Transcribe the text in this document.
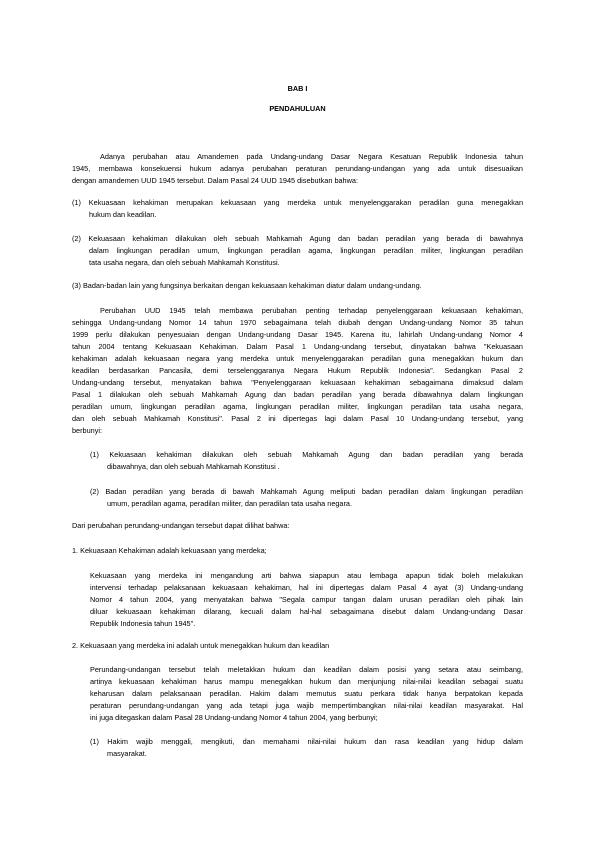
BAB I
PENDAHULUAN
Adanya perubahan atau Amandemen pada Undang-undang Dasar Negara Kesatuan Republik Indonesia tahun
1945, membawa konsekuensi hukum adanya perubahan peraturan perundang-undangan yang ada untuk disesuaikan
dengan amandemen UUD 1945 tersebut. Dalam Pasal 24 UUD 1945 disebutkan bahwa:
(1) Kekuasaan kehakiman merupakan kekuasaan yang merdeka untuk menyelenggarakan peradilan guna menegakkan
hukum dan keadilan.
(2) Kekuasaan kehakiman dilakukan oleh sebuah Mahkamah Agung dan badan peradilan yang berada di bawahnya
dalam lingkungan peradilan umum, lingkungan peradilan agama, lingkungan peradilan militer, lingkungan peradilan
tata usaha negara, dan oleh sebuah Mahkamah Konstitusi.
(3) Badan-badan lain yang fungsinya berkaitan dengan kekuasaan kehakiman diatur dalam undang-undang.
Perubahan UUD 1945 telah membawa perubahan penting terhadap penyelenggaraan kekuasaan kehakiman,
sehingga Undang-undang Nomor 14 tahun 1970 sebagaimana telah diubah dengan Undang-undang Nomor 35 tahun
1999 perlu dilakukan penyesuaian dengan Undang-undang Dasar 1945. Karena itu, lahirlah Undang-undang Nomor 4
tahun 2004 tentang Kekuasaan Kehakiman. Dalam Pasal 1 Undang-undang tersebut, dinyatakan bahwa "Kekuasaan
kehakiman adalah kekuasaan negara yang merdeka untuk menyelenggarakan peradilan guna menegakkan hukum dan
keadilan berdasarkan Pancasila, demi terselenggaranya Negara Hukum Republik Indonesia". Sedangkan Pasal 2
Undang-undang tersebut, menyatakan bahwa "Penyelenggaraan kekuasaan kehakiman sebagaimana dimaksud dalam
Pasal 1 dilakukan oleh sebuah Mahkamah Agung dan badan peradilan yang berada dibawahnya dalam lingkungan
peradilan umum, lingkungan peradilan agama, lingkungan peradilan militer, lingkungan peradilan tata usaha negara,
dan oleh sebuah Mahkamah Konstitusi". Pasal 2 ini dipertegas lagi dalam Pasal 10 Undang-undang tersebut, yang
berbunyi:
(1) Kekuasaan kehakiman dilakukan oleh sebuah Mahkamah Agung dan badan peradilan yang berada
dibawahnya, dan oleh sebuah Mahkamah Konstitusi .
(2) Badan peradilan yang berada di bawah Mahkamah Agung meliputi badan peradilan dalam lingkungan peradilan
umum, peradilan agama, peradilan militer, dan peradilan tata usaha negara.
Dari perubahan perundang-undangan tersebut dapat dilihat bahwa:
1. Kekuasaan Kehakiman adalah kekuasaan yang merdeka;
Kekuasaan yang merdeka ini mengandung arti bahwa siapapun atau lembaga apapun tidak boleh melakukan
intervensi terhadap pelaksanaan kekuasaan kehakiman, hal ini dipertegas dalam Pasal 4 ayat (3) Undang-undang
Nomor 4 tahun 2004, yang menyatakan bahwa "Segala campur tangan dalam urusan peradilan oleh pihak lain
diluar kekuasaan kehakiman dilarang, kecuali dalam hal-hal sebagaimana disebut dalam Undang-undang Dasar
Republik Indonesia tahun 1945".
2. Kekuasaan yang merdeka ini adalah untuk menegakkan hukum dan keadilan
Perundang-undangan tersebut telah meletakkan hukum dan keadilan dalam posisi yang setara atau seimbang,
artinya kekuasaan kehakiman harus mampu menegakkan hukum dan menjunjung nilai-nilai keadilan sebagai suatu
keharusan dalam pelaksanaan peradilan. Hakim dalam memutus suatu perkara tidak hanya berpatokan kepada
peraturan perundang-undangan yang ada tetapi juga wajib mempertimbangkan nilai-nilai keadilan masyarakat. Hal
ini juga ditegaskan dalam Pasal 28 Undang-undang Nomor 4 tahun 2004, yang berbunyi;
(1) Hakim wajib menggali, mengikuti, dan memahami nilai-nilai hukum dan rasa keadilan yang hidup dalam
masyarakat.
